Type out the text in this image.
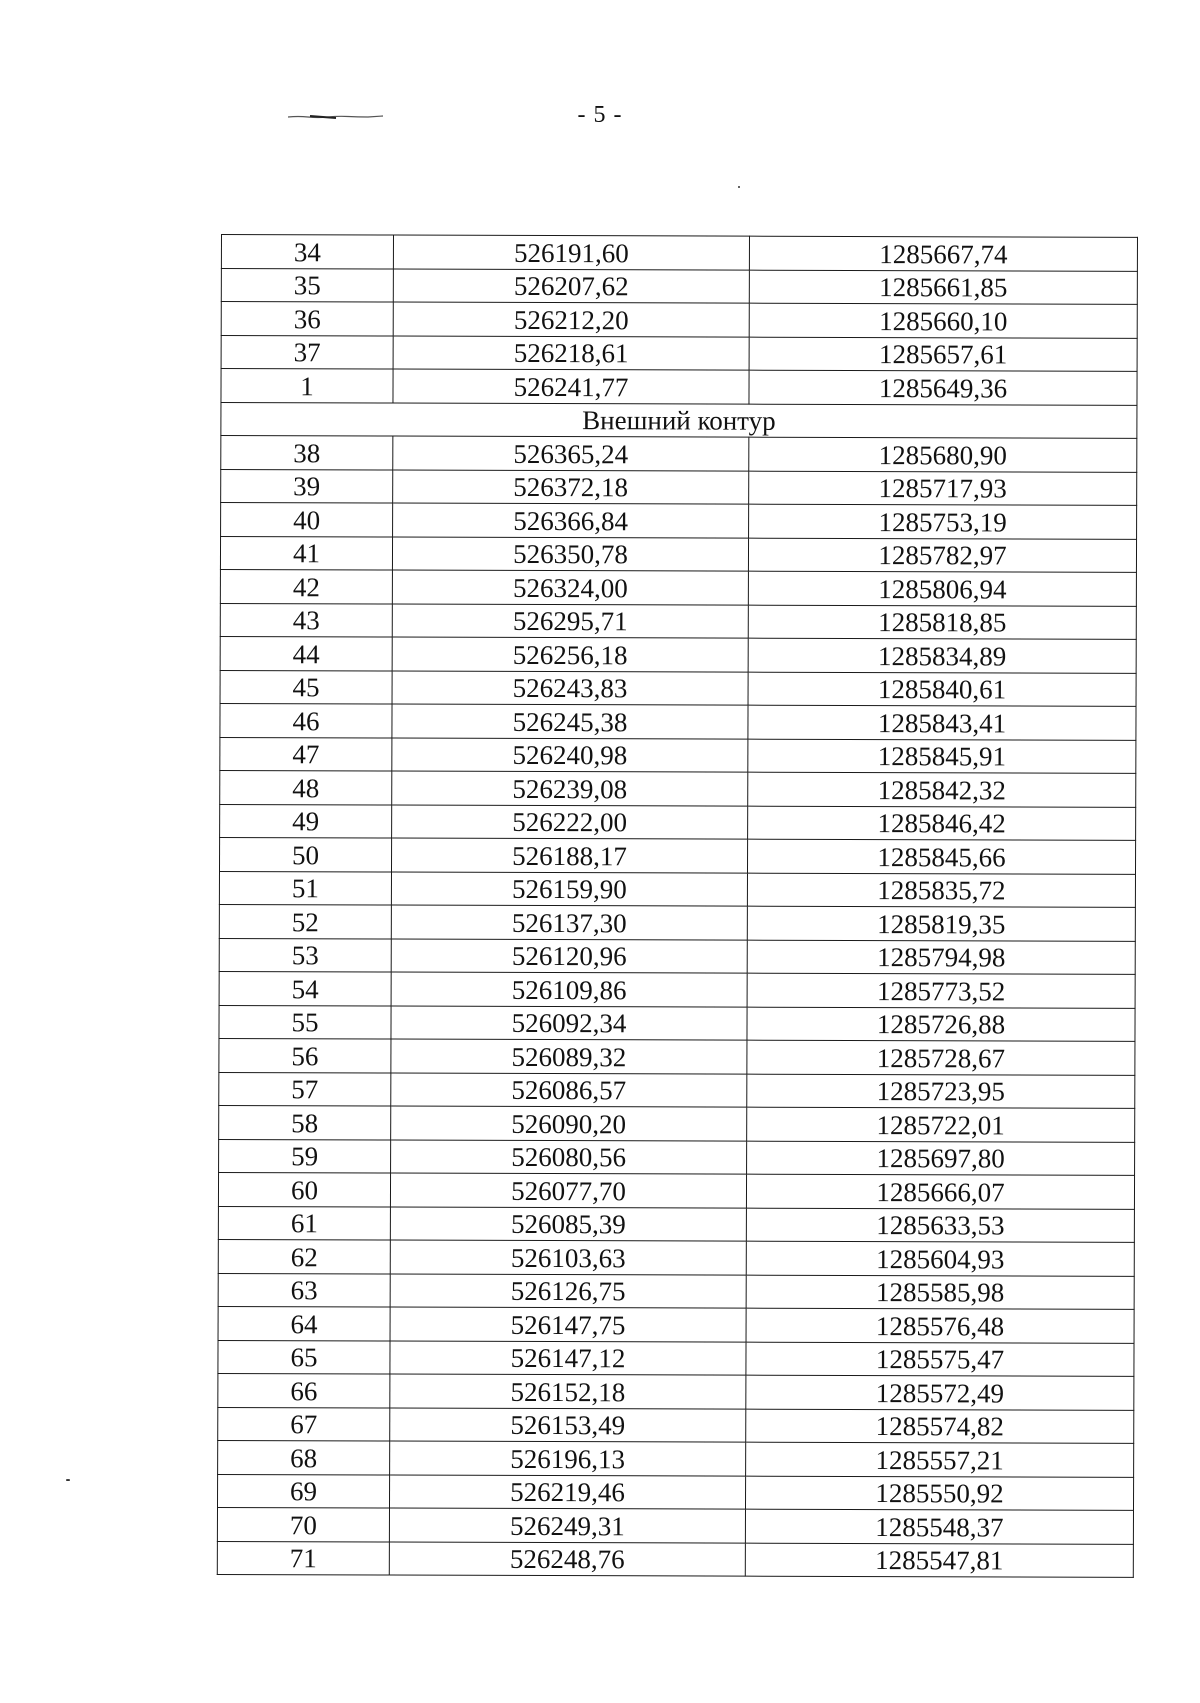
- 5 -
34	526191,60	1285667,74
35	526207,62	1285661,85
36	526212,20	1285660,10
37	526218,61	1285657,61
1	526241,77	1285649,36
Внешний контур		
38	526365,24	1285680,90
39	526372,18	1285717,93
40	526366,84	1285753,19
41	526350,78	1285782,97
42	526324,00	1285806,94
43	526295,71	1285818,85
44	526256,18	1285834,89
45	526243,83	1285840,61
46	526245,38	1285843,41
47	526240,98	1285845,91
48	526239,08	1285842,32
49	526222,00	1285846,42
50	526188,17	1285845,66
51	526159,90	1285835,72
52	526137,30	1285819,35
53	526120,96	1285794,98
54	526109,86	1285773,52
55	526092,34	1285726,88
56	526089,32	1285728,67
57	526086,57	1285723,95
58	526090,20	1285722,01
59	526080,56	1285697,80
60	526077,70	1285666,07
61	526085,39	1285633,53
62	526103,63	1285604,93
63	526126,75	1285585,98
64	526147,75	1285576,48
65	526147,12	1285575,47
66	526152,18	1285572,49
67	526153,49	1285574,82
68	526196,13	1285557,21
69	526219,46	1285550,92
70	526249,31	1285548,37
71	526248,76	1285547,81
